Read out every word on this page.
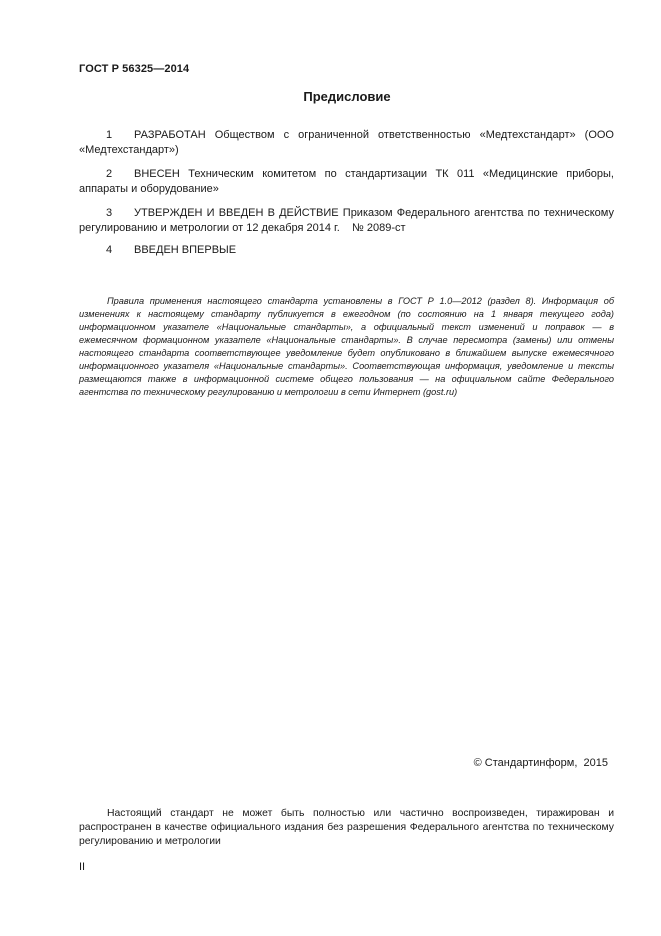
ГОСТ Р 56325—2014
Предисловие

1 РАЗРАБОТАН Обществом с ограниченной ответственностью «Медтехстандарт» (ООО «Медтехстандарт»)

2 ВНЕСЕН Техническим комитетом по стандартизации ТК 011 «Медицинские приборы, аппараты и оборудование»

3 УТВЕРЖДЕН И ВВЕДЕН В ДЕЙСТВИЕ Приказом Федерального агентства по техническому регулированию и метрологии от 12 декабря 2014 г.    № 2089-ст

4 ВВЕДЕН ВПЕРВЫЕ

Правила применения настоящего стандарта установлены в ГОСТ Р 1.0—2012 (раздел 8). Информация об изменениях к настоящему стандарту публикуется в ежегодном (по состоянию на 1 января текущего года) информационном указателе «Национальные стандарты», а официальный текст изменений и поправок — в ежемесячном формационном указателе «Национальные стандарты». В случае пересмотра (замены) или отмены настоящего стандарта соответствующее уведомление будет опубликовано в ближайшем выпуске ежемесячного информационного указателя «Национальные стандарты». Соответствующая информация, уведомление и тексты размещаются также в информационной системе общего пользования — на официальном сайте Федерального агентства по техническому регулированию и метрологии в сети Интернет (gost.ru)
© Стандартинформ,  2015
Настоящий стандарт не может быть полностью или частично воспроизведен, тиражирован и распространен в качестве официального издания без разрешения Федерального агентства по техническому регулированию и метрологии
II
